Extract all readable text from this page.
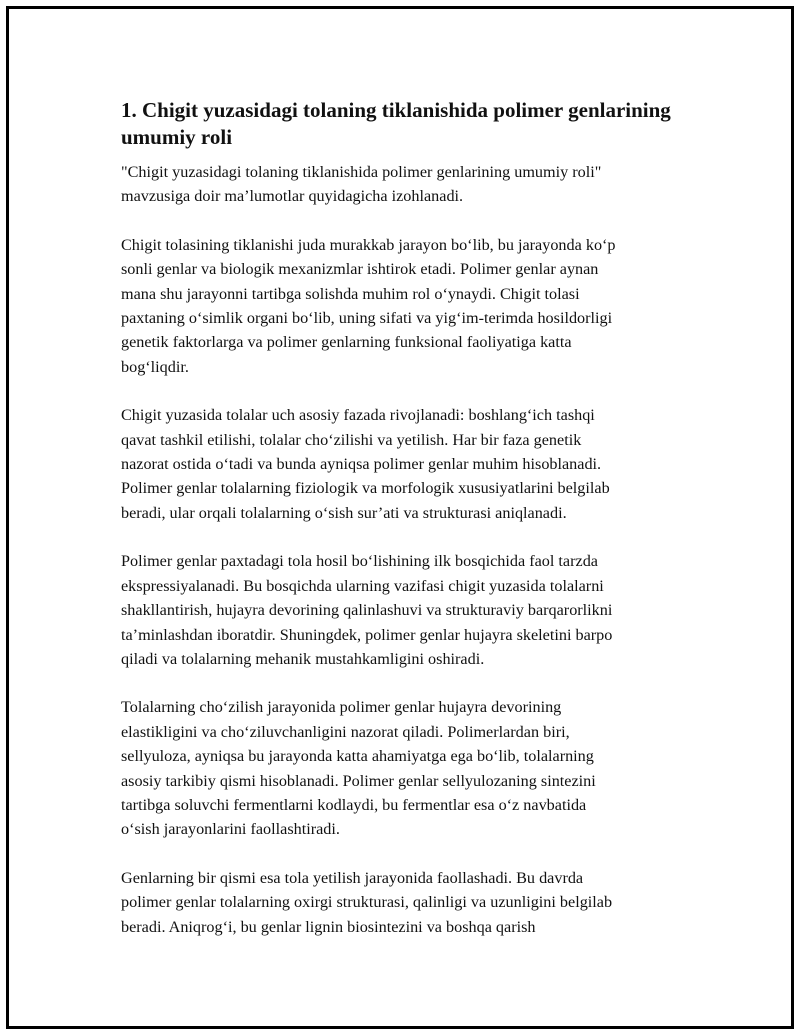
1. Chigit yuzasidagi tolaning tiklanishida polimer genlarining
umumiy roli

"Chigit yuzasidagi tolaning tiklanishida polimer genlarining umumiy roli"
mavzusiga doir ma’lumotlar quyidagicha izohlanadi.

Chigit tolasining tiklanishi juda murakkab jarayon bo‘lib, bu jarayonda ko‘p
sonli genlar va biologik mexanizmlar ishtirok etadi. Polimer genlar aynan
mana shu jarayonni tartibga solishda muhim rol o‘ynaydi. Chigit tolasi
paxtaning o‘simlik organi bo‘lib, uning sifati va yig‘im-terimda hosildorligi
genetik faktorlarga va polimer genlarning funksional faoliyatiga katta
bog‘liqdir.

Chigit yuzasida tolalar uch asosiy fazada rivojlanadi: boshlang‘ich tashqi
qavat tashkil etilishi, tolalar cho‘zilishi va yetilish. Har bir faza genetik
nazorat ostida o‘tadi va bunda ayniqsa polimer genlar muhim hisoblanadi.
Polimer genlar tolalarning fiziologik va morfologik xususiyatlarini belgilab
beradi, ular orqali tolalarning o‘sish sur’ati va strukturasi aniqlanadi.

Polimer genlar paxtadagi tola hosil bo‘lishining ilk bosqichida faol tarzda
ekspressiyalanadi. Bu bosqichda ularning vazifasi chigit yuzasida tolalarni
shakllantirish, hujayra devorining qalinlashuvi va strukturaviy barqarorlikni
ta’minlashdan iboratdir. Shuningdek, polimer genlar hujayra skeletini barpo
qiladi va tolalarning mehanik mustahkamligini oshiradi.

Tolalarning cho‘zilish jarayonida polimer genlar hujayra devorining
elastikligini va cho‘ziluvchanligini nazorat qiladi. Polimerlardan biri,
sellyuloza, ayniqsa bu jarayonda katta ahamiyatga ega bo‘lib, tolalarning
asosiy tarkibiy qismi hisoblanadi. Polimer genlar sellyulozaning sintezini
tartibga soluvchi fermentlarni kodlaydi, bu fermentlar esa o‘z navbatida
o‘sish jarayonlarini faollashtiradi.

Genlarning bir qismi esa tola yetilish jarayonida faollashadi. Bu davrda
polimer genlar tolalarning oxirgi strukturasi, qalinligi va uzunligini belgilab
beradi. Aniqrog‘i, bu genlar lignin biosintezini va boshqa qarish
